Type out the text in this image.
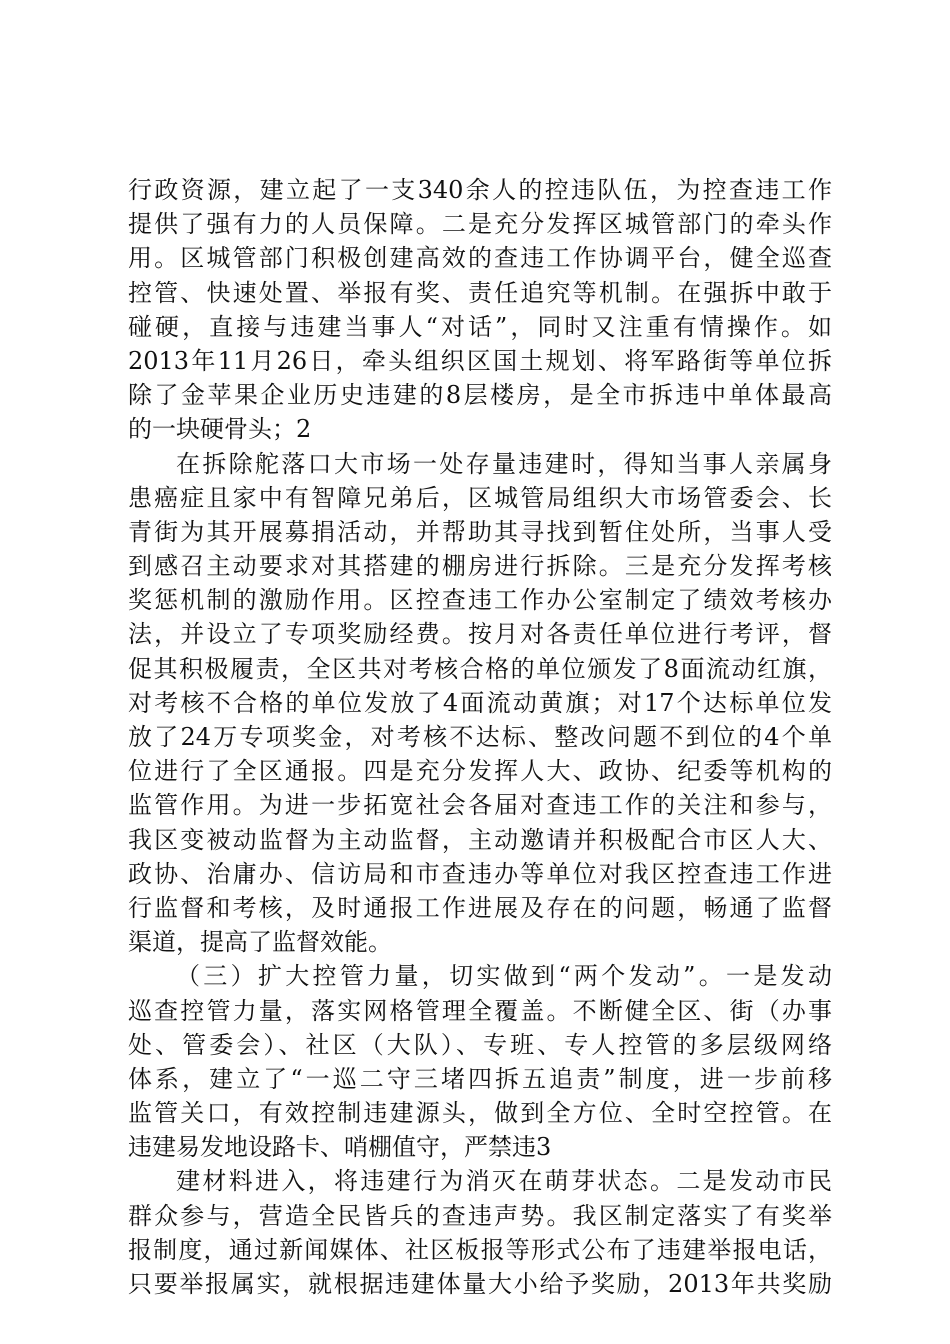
行政资源，建立起了一支340余人的控违队伍，为控查违工作
提供了强有力的人员保障。二是充分发挥区城管部门的牵头作
用。区城管部门积极创建高效的查违工作协调平台，健全巡查
控管、快速处置、举报有奖、责任追究等机制。在强拆中敢于
碰硬，直接与违建当事人“对话”，同时又注重有情操作。如
2013年11月26日，牵头组织区国土规划、将军路街等单位拆
除了金苹果企业历史违建的8层楼房，是全市拆违中单体最高
的一块硬骨头；2
在拆除舵落口大市场一处存量违建时，得知当事人亲属身
患癌症且家中有智障兄弟后，区城管局组织大市场管委会、长
青街为其开展募捐活动，并帮助其寻找到暂住处所，当事人受
到感召主动要求对其搭建的棚房进行拆除。三是充分发挥考核
奖惩机制的激励作用。区控查违工作办公室制定了绩效考核办
法，并设立了专项奖励经费。按月对各责任单位进行考评，督
促其积极履责，全区共对考核合格的单位颁发了8面流动红旗，
对考核不合格的单位发放了4面流动黄旗；对17个达标单位发
放了24万专项奖金，对考核不达标、整改问题不到位的4个单
位进行了全区通报。四是充分发挥人大、政协、纪委等机构的
监管作用。为进一步拓宽社会各届对查违工作的关注和参与，
我区变被动监督为主动监督，主动邀请并积极配合市区人大、
政协、治庸办、信访局和市查违办等单位对我区控查违工作进
行监督和考核，及时通报工作进展及存在的问题，畅通了监督
渠道，提高了监督效能。
（三）扩大控管力量，切实做到“两个发动”。一是发动
巡查控管力量，落实网格管理全覆盖。不断健全区、街（办事
处、管委会）、社区（大队）、专班、专人控管的多层级网络
体系，建立了“一巡二守三堵四拆五追责”制度，进一步前移
监管关口，有效控制违建源头，做到全方位、全时空控管。在
违建易发地设路卡、哨棚值守，严禁违3
建材料进入，将违建行为消灭在萌芽状态。二是发动市民
群众参与，营造全民皆兵的查违声势。我区制定落实了有奖举
报制度，通过新闻媒体、社区板报等形式公布了违建举报电话，
只要举报属实，就根据违建体量大小给予奖励，2013年共奖励
